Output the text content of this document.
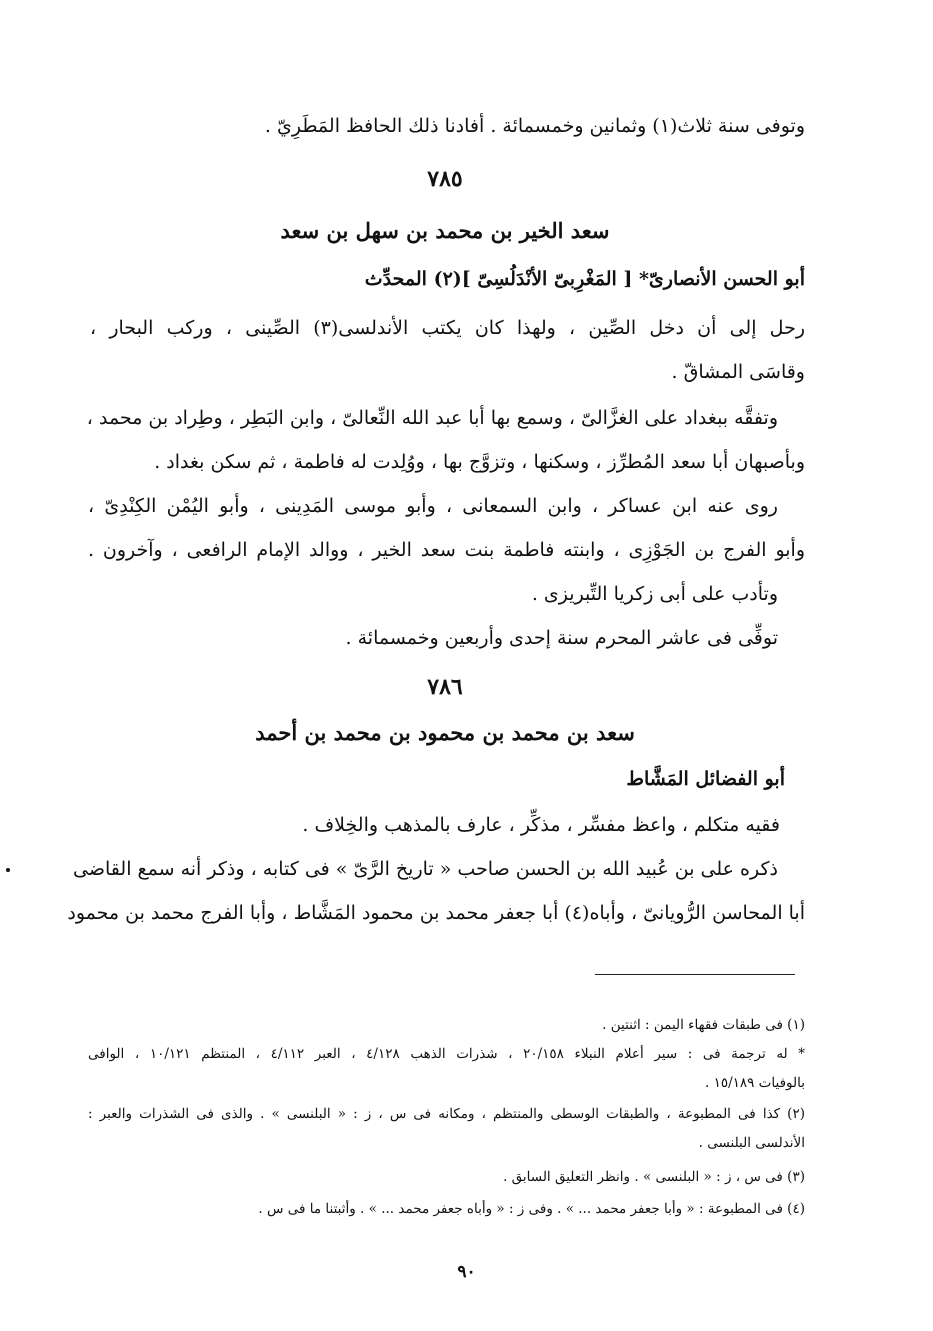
وتوفى سنة ثلاث(١) وثمانين وخمسمائة . أفادنا ذلك الحافظ المَطَرِيّ .
٧٨٥
سعد الخير بن محمد بن سهل بن سعد
أبو الحسن الأنصارىّ* [ المَغْرِبىّ الأنْدَلُسِىّ ](٢) المحدِّث
رحل إلى أن دخل الصِّين ، ولهذا كان يكتب الأندلسى(٣) الصِّينى ، وركب البحار ،
وقاسَى المشاقّ .
وتفقَّه ببغداد على الغزَّالىّ ، وسمع بها أبا عبد الله النِّعالىّ ، وابن البَطِر ، وطِراد بن محمد ،
وبأصبهان أبا سعد المُطرِّز ، وسكنها ، وتزوَّج بها ، ووُلِدت له فاطمة ، ثم سكن بغداد .
روى عنه ابن عساكر ، وابن السمعانى ، وأبو موسى المَدِينى ، وأبو اليُمْن الكِنْدِىّ ،
وأبو الفرج بن الجَوْزِى ، وابنته فاطمة بنت سعد الخير ، ووالد الإمام الرافعى ، وآخرون .
وتأدب على أبى زكريا التِّبريزى .
توفِّى فى عاشر المحرم سنة إحدى وأربعين وخمسمائة .
٧٨٦
سعد بن محمد بن محمود بن محمد بن أحمد
أبو الفضائل المَشَّاط
فقيه متكلم ، واعظ مفسِّر ، مذكِّر ، عارف بالمذهب والخِلاف .
ذكره على بن عُبيد الله بن الحسن صاحب « تاريخ الرَّىّ » فى كتابه ، وذكر أنه سمع القاضى
أبا المحاسن الرُّويانىّ ، وأباه(٤) أبا جعفر محمد بن محمود المَشَّاط ، وأبا الفرج محمد بن محمود
(١) فى طبقات فقهاء اليمن : اثنتين .
* له ترجمة فى : سير أعلام النبلاء ٢٠/١٥٨ ، شذرات الذهب ٤/١٢٨ ، العبر ٤/١١٢ ، المنتظم ١٠/١٢١ ، الوافى
بالوفيات ١٥/١٨٩ .
(٢) كذا فى المطبوعة ، والطبقات الوسطى والمنتظم ، ومكانه فى س ، ز : « البلنسى » . والذى فى الشذرات والعبر :
الأندلسى البلنسى .
(٣) فى س ، ز : « البلنسى » . وانظر التعليق السابق .
(٤) فى المطبوعة : « وأبا جعفر محمد ... » . وفى ز : « وأباه جعفر محمد ... » . وأثبتنا ما فى س .
٩٠
